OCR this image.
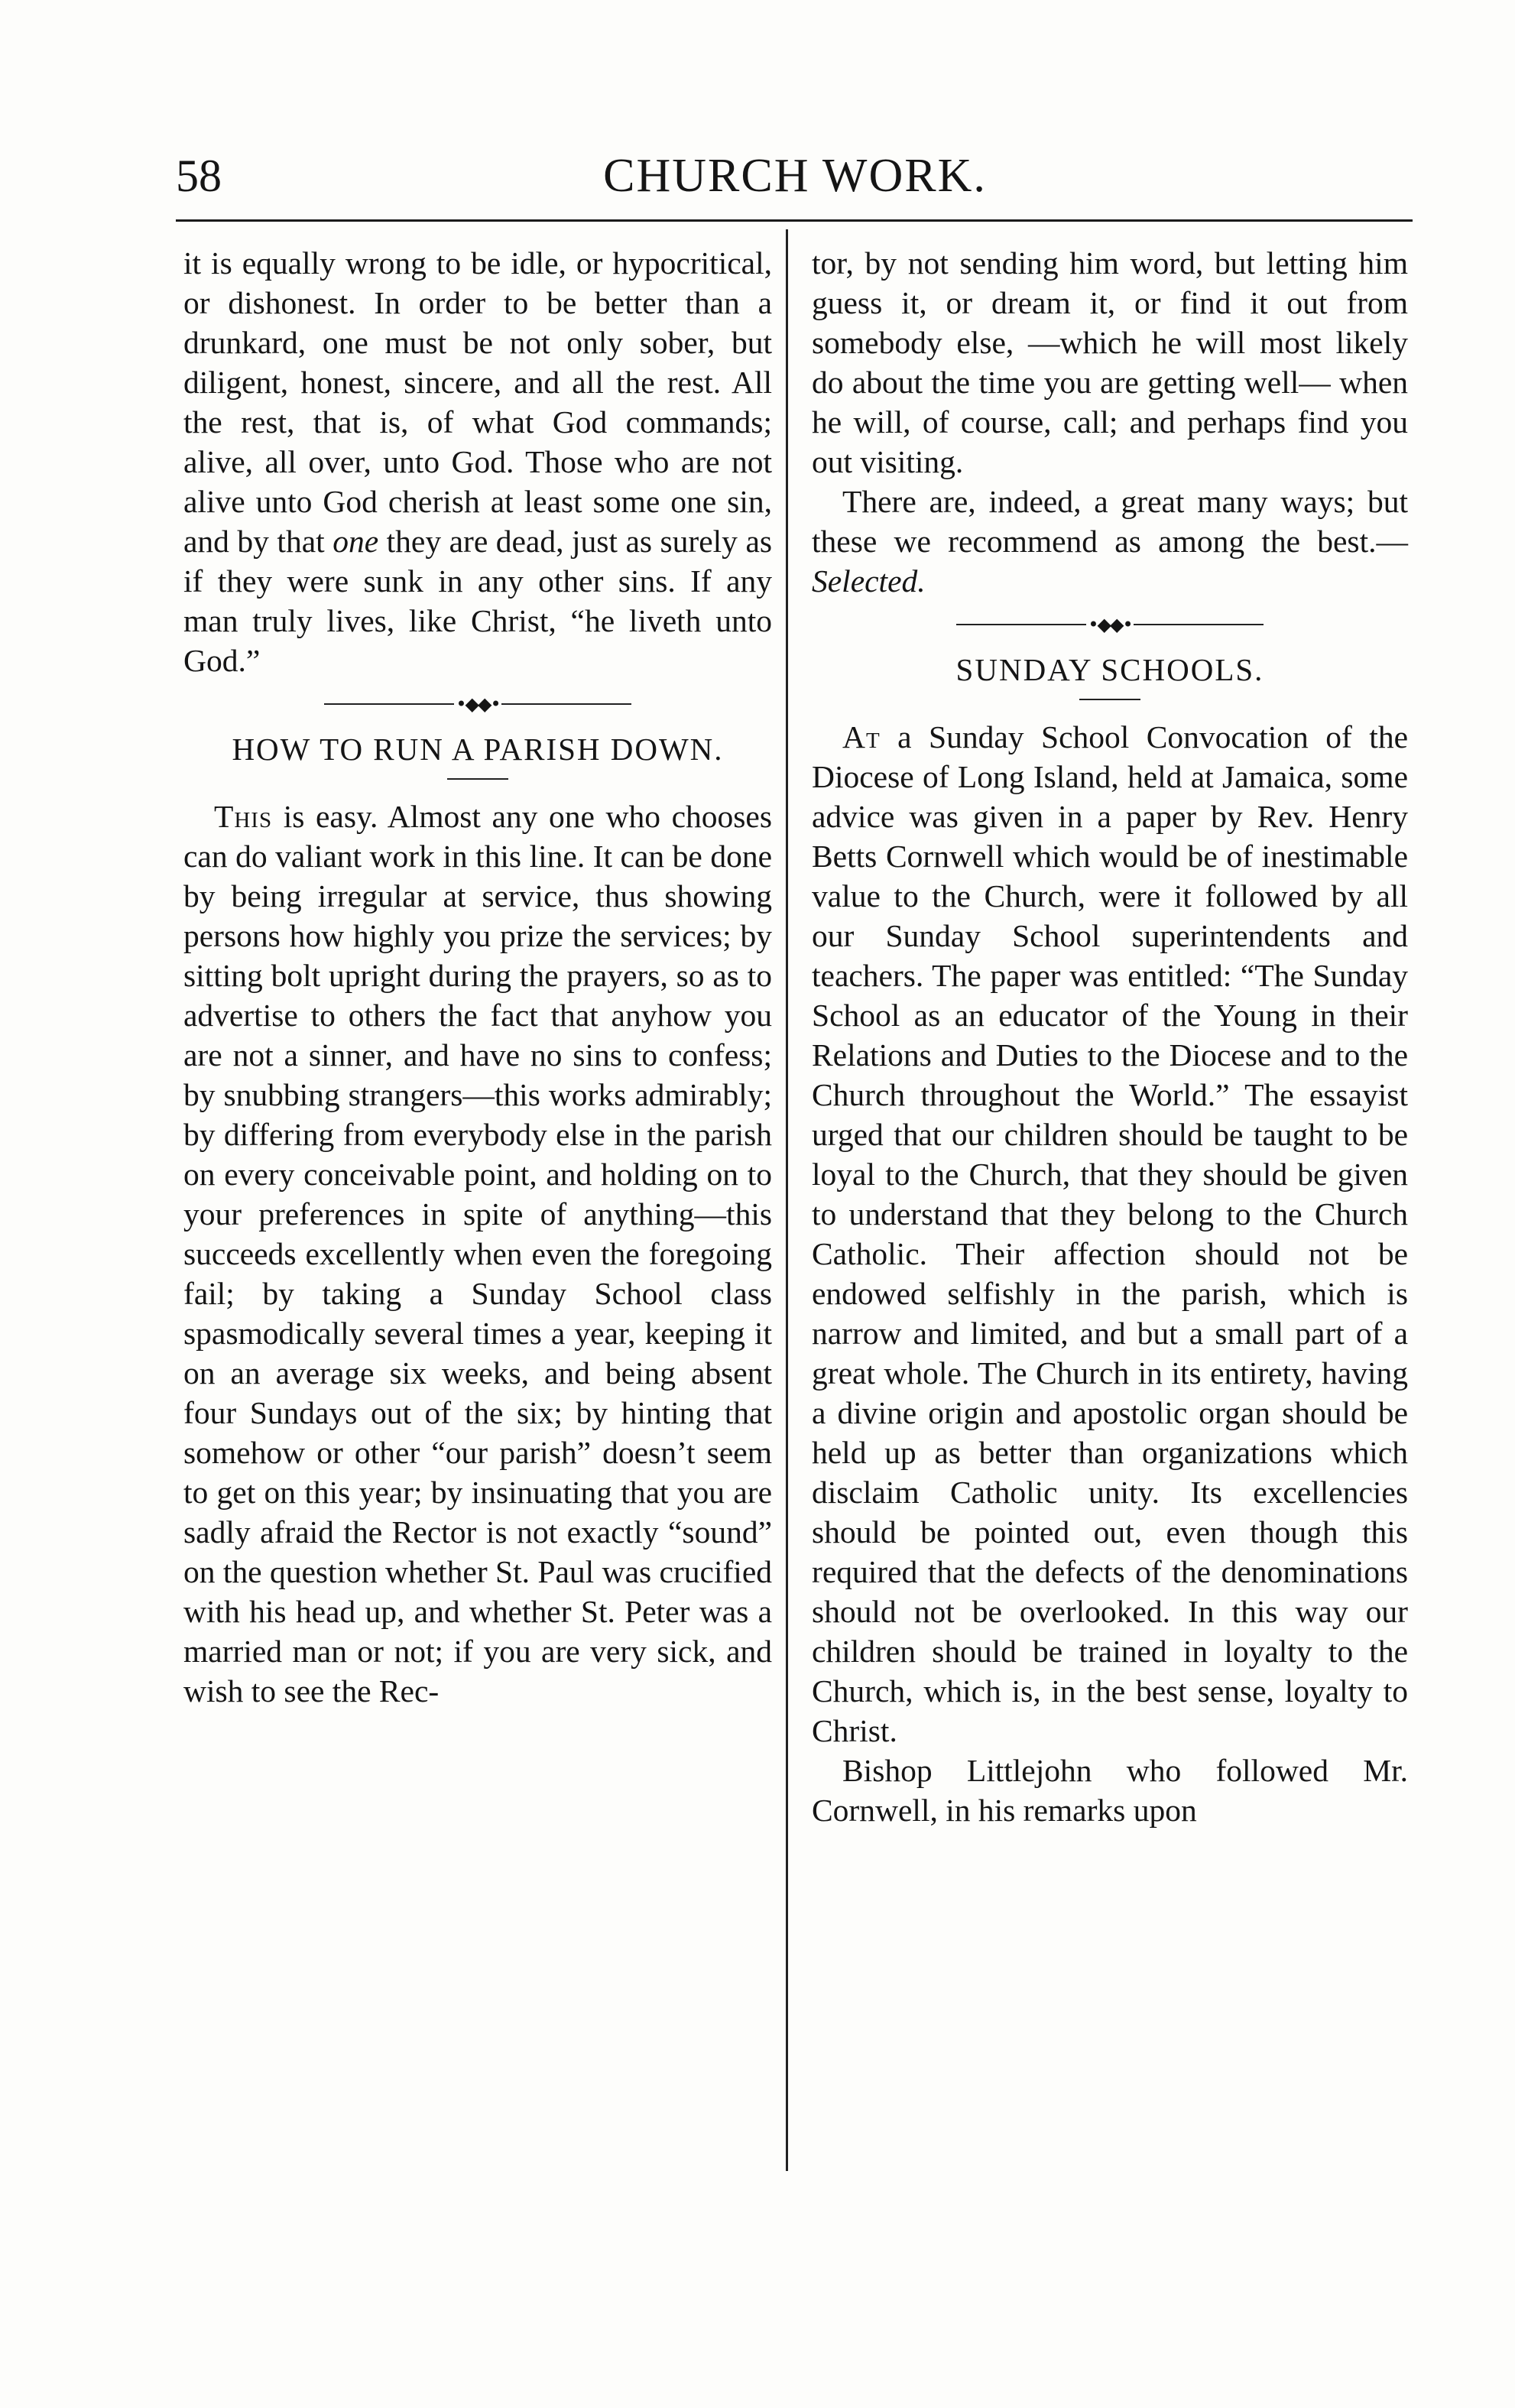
58	CHURCH WORK.

it is equally wrong to be idle, or hypocritical, or dishonest. In order to be better than a drunkard, one must be not only sober, but diligent, honest, sincere, and all the rest. All the rest, that is, of what God commands; alive, all over, unto God. Those who are not alive unto God cherish at least some one sin, and by that one they are dead, just as surely as if they were sunk in any other sins. If any man truly lives, like Christ, “he liveth unto God.”

•◆◆•

HOW TO RUN A PARISH DOWN.

This is easy. Almost any one who chooses can do valiant work in this line. It can be done by being irregular at service, thus showing persons how highly you prize the services; by sitting bolt upright during the prayers, so as to advertise to others the fact that anyhow you are not a sinner, and have no sins to confess; by snubbing strangers—this works admirably; by differing from everybody else in the parish on every conceivable point, and holding on to your preferences in spite of anything—this succeeds excellently when even the foregoing fail; by taking a Sunday School class spasmodically several times a year, keeping it on an average six weeks, and being absent four Sundays out of the six; by hinting that somehow or other “our parish” doesn’t seem to get on this year; by insinuating that you are sadly afraid the Rector is not exactly “sound” on the question whether St. Paul was crucified with his head up, and whether St. Peter was a married man or not; if you are very sick, and wish to see the Rec-

tor, by not sending him word, but letting him guess it, or dream it, or find it out from somebody else, —which he will most likely do about the time you are getting well— when he will, of course, call; and perhaps find you out visiting.

There are, indeed, a great many ways; but these we recommend as among the best.—Selected.

•◆◆•

SUNDAY SCHOOLS.

At a Sunday School Convocation of the Diocese of Long Island, held at Jamaica, some advice was given in a paper by Rev. Henry Betts Cornwell which would be of inestimable value to the Church, were it followed by all our Sunday School superintendents and teachers. The paper was entitled: “The Sunday School as an educator of the Young in their Relations and Duties to the Diocese and to the Church throughout the World.” The essayist urged that our children should be taught to be loyal to the Church, that they should be given to understand that they belong to the Church Catholic. Their affection should not be endowed selfishly in the parish, which is narrow and limited, and but a small part of a great whole. The Church in its entirety, having a divine origin and apostolic organ should be held up as better than organizations which disclaim Catholic unity. Its excellencies should be pointed out, even though this required that the defects of the denominations should not be overlooked. In this way our children should be trained in loyalty to the Church, which is, in the best sense, loyalty to Christ.

Bishop Littlejohn who followed Mr. Cornwell, in his remarks upon
